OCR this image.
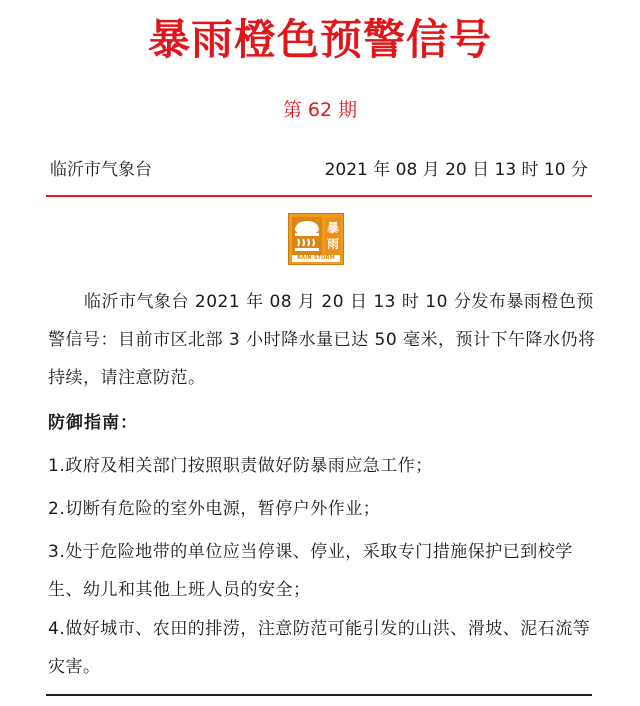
暴雨橙色预警信号
第 62 期
临沂市气象台	2021 年 08 月 20 日 13 时 10 分
暴
雨
RAIN STORM
临沂市气象台 2021 年 08 月 20 日 13 时 10 分发布暴雨橙色预警信号：目前市区北部 3 小时降水量已达 50 毫米，预计下午降水仍将持续，请注意防范。
防御指南：
1.政府及相关部门按照职责做好防暴雨应急工作；
2.切断有危险的室外电源，暂停户外作业；
3.处于危险地带的单位应当停课、停业，采取专门措施保护已到校学生、幼儿和其他上班人员的安全；
4.做好城市、农田的排涝，注意防范可能引发的山洪、滑坡、泥石流等灾害。
